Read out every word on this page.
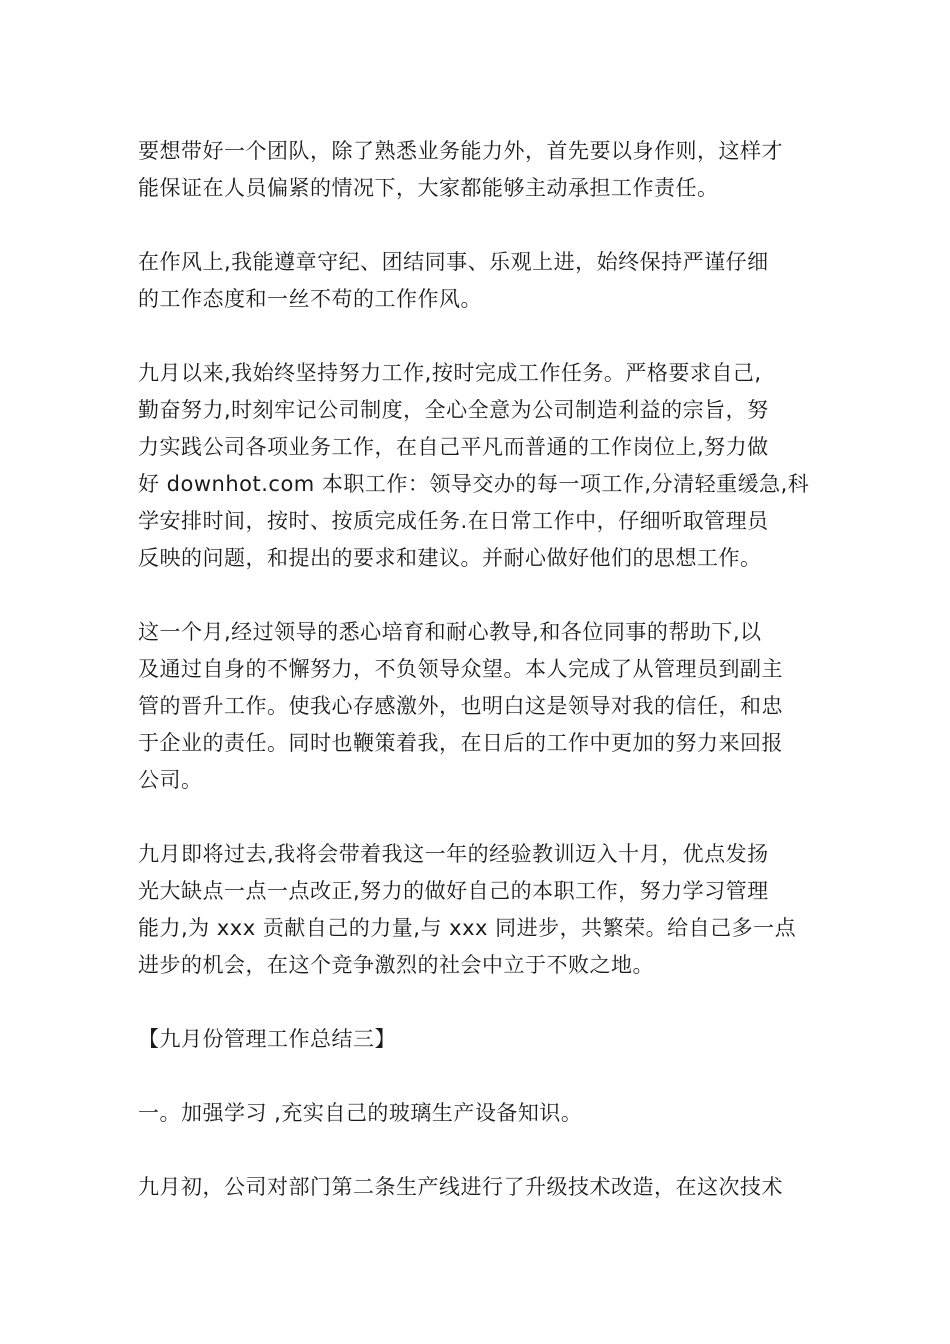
要想带好一个团队，除了熟悉业务能力外，首先要以身作则，这样才
能保证在人员偏紧的情况下，大家都能够主动承担工作责任。

在作风上,我能遵章守纪、团结同事、乐观上进，始终保持严谨仔细
的工作态度和一丝不苟的工作作风。

九月以来,我始终坚持努力工作,按时完成工作任务。严格要求自己,
勤奋努力,时刻牢记公司制度，全心全意为公司制造利益的宗旨，努
力实践公司各项业务工作，在自己平凡而普通的工作岗位上,努力做
好 downhot.com 本职工作：领导交办的每一项工作,分清轻重缓急,科
学安排时间，按时、按质完成任务.在日常工作中，仔细听取管理员
反映的问题，和提出的要求和建议。并耐心做好他们的思想工作。

这一个月,经过领导的悉心培育和耐心教导,和各位同事的帮助下,以
及通过自身的不懈努力，不负领导众望。本人完成了从管理员到副主
管的晋升工作。使我心存感激外，也明白这是领导对我的信任，和忠
于企业的责任。同时也鞭策着我，在日后的工作中更加的努力来回报
公司。

九月即将过去,我将会带着我这一年的经验教训迈入十月，优点发扬
光大缺点一点一点改正,努力的做好自己的本职工作，努力学习管理
能力,为 xxx 贡献自己的力量,与 xxx 同进步，共繁荣。给自己多一点
进步的机会，在这个竞争激烈的社会中立于不败之地。

【九月份管理工作总结三】

一。加强学习 ,充实自己的玻璃生产设备知识。

九月初，公司对部门第二条生产线进行了升级技术改造，在这次技术
